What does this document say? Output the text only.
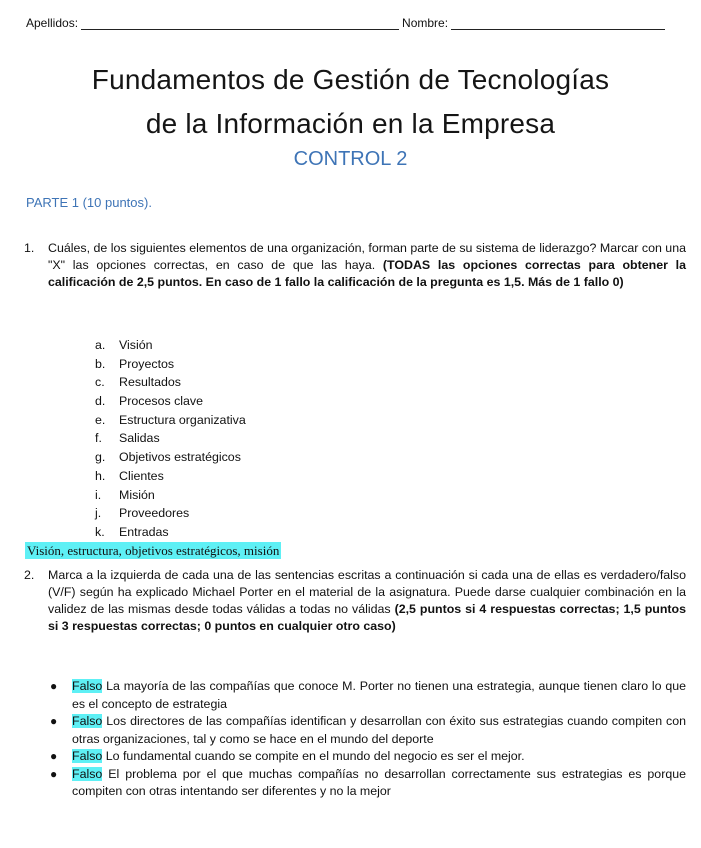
Apellidos:	Nombre:
Fundamentos de Gestión de Tecnologías
de la Información en la Empresa
CONTROL 2
PARTE 1 (10 puntos).
1. Cuáles, de los siguientes elementos de una organización, forman parte de su sistema de liderazgo? Marcar con una "X" las opciones correctas, en caso de que las haya. (TODAS las opciones correctas para obtener la calificación de 2,5 puntos. En caso de 1 fallo la calificación de la pregunta es 1,5. Más de 1 fallo 0)
a.	Visión
b.	Proyectos
c.	Resultados
d.	Procesos clave
e.	Estructura organizativa
f.	Salidas
g.	Objetivos estratégicos
h.	Clientes
i.	Misión
j.	Proveedores
k.	Entradas
Visión, estructura, objetivos estratégicos, misión
2. Marca a la izquierda de cada una de las sentencias escritas a continuación si cada una de ellas es verdadero/falso (V/F) según ha explicado Michael Porter en el material de la asignatura. Puede darse cualquier combinación en la validez de las mismas desde todas válidas a todas no válidas (2,5 puntos si 4 respuestas correctas; 1,5 puntos si 3 respuestas correctas; 0 puntos en cualquier otro caso)
● Falso La mayoría de las compañías que conoce M. Porter no tienen una estrategia, aunque tienen claro lo que es el concepto de estrategia
● Falso Los directores de las compañías identifican y desarrollan con éxito sus estrategias cuando compiten con otras organizaciones, tal y como se hace en el mundo del deporte
● Falso Lo fundamental cuando se compite en el mundo del negocio es ser el mejor.
● Falso El problema por el que muchas compañías no desarrollan correctamente sus estrategias es porque compiten con otras intentando ser diferentes y no la mejor
